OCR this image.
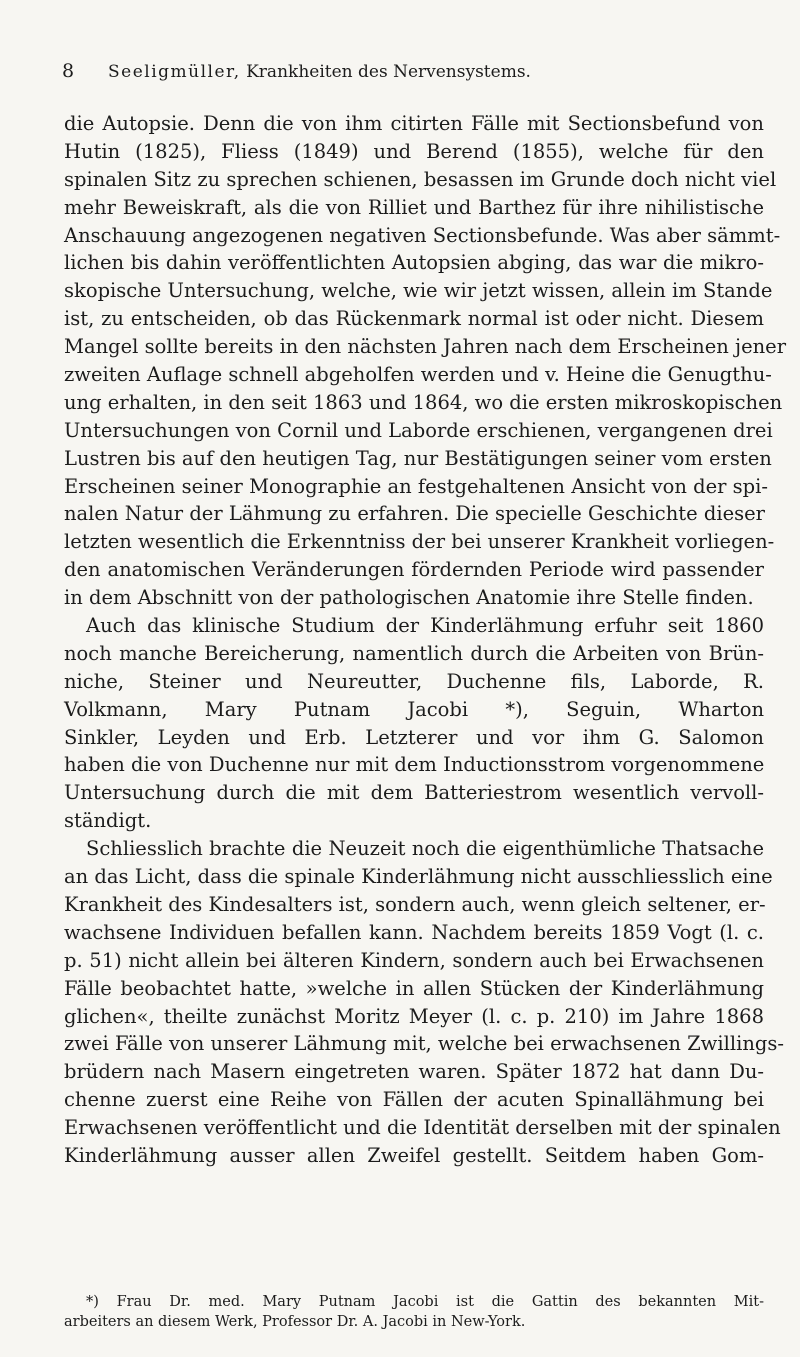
8 Seeligmüller, Krankheiten des Nervensystems.
die Autopsie. Denn die von ihm citirten Fälle mit Sectionsbefund von
Hutin (1825), Fliess (1849) und Berend (1855), welche für den
spinalen Sitz zu sprechen schienen, besassen im Grunde doch nicht viel
mehr Beweiskraft, als die von Rilliet und Barthez für ihre nihilistische
Anschauung angezogenen negativen Sectionsbefunde. Was aber sämmt-
lichen bis dahin veröffentlichten Autopsien abging, das war die mikro-
skopische Untersuchung, welche, wie wir jetzt wissen, allein im Stande
ist, zu entscheiden, ob das Rückenmark normal ist oder nicht. Diesem
Mangel sollte bereits in den nächsten Jahren nach dem Erscheinen jener
zweiten Auflage schnell abgeholfen werden und v. Heine die Genugthu-
ung erhalten, in den seit 1863 und 1864, wo die ersten mikroskopischen
Untersuchungen von Cornil und Laborde erschienen, vergangenen drei
Lustren bis auf den heutigen Tag, nur Bestätigungen seiner vom ersten
Erscheinen seiner Monographie an festgehaltenen Ansicht von der spi-
nalen Natur der Lähmung zu erfahren. Die specielle Geschichte dieser
letzten wesentlich die Erkenntniss der bei unserer Krankheit vorliegen-
den anatomischen Veränderungen fördernden Periode wird passender
in dem Abschnitt von der pathologischen Anatomie ihre Stelle finden.
Auch das klinische Studium der Kinderlähmung erfuhr seit 1860
noch manche Bereicherung, namentlich durch die Arbeiten von Brün-
niche, Steiner und Neureutter, Duchenne fils, Laborde, R.
Volkmann, Mary Putnam Jacobi *), Seguin, Wharton
Sinkler, Leyden und Erb. Letzterer und vor ihm G. Salomon
haben die von Duchenne nur mit dem Inductionsstrom vorgenommene
Untersuchung durch die mit dem Batteriestrom wesentlich vervoll-
ständigt.
Schliesslich brachte die Neuzeit noch die eigenthümliche Thatsache
an das Licht, dass die spinale Kinderlähmung nicht ausschliesslich eine
Krankheit des Kindesalters ist, sondern auch, wenn gleich seltener, er-
wachsene Individuen befallen kann. Nachdem bereits 1859 Vogt (l. c.
p. 51) nicht allein bei älteren Kindern, sondern auch bei Erwachsenen
Fälle beobachtet hatte, »welche in allen Stücken der Kinderlähmung
glichen«, theilte zunächst Moritz Meyer (l. c. p. 210) im Jahre 1868
zwei Fälle von unserer Lähmung mit, welche bei erwachsenen Zwillings-
brüdern nach Masern eingetreten waren. Später 1872 hat dann Du-
chenne zuerst eine Reihe von Fällen der acuten Spinallähmung bei
Erwachsenen veröffentlicht und die Identität derselben mit der spinalen
Kinderlähmung ausser allen Zweifel gestellt. Seitdem haben Gom-
*) Frau Dr. med. Mary Putnam Jacobi ist die Gattin des bekannten Mit-
arbeiters an diesem Werk, Professor Dr. A. Jacobi in New-York.
